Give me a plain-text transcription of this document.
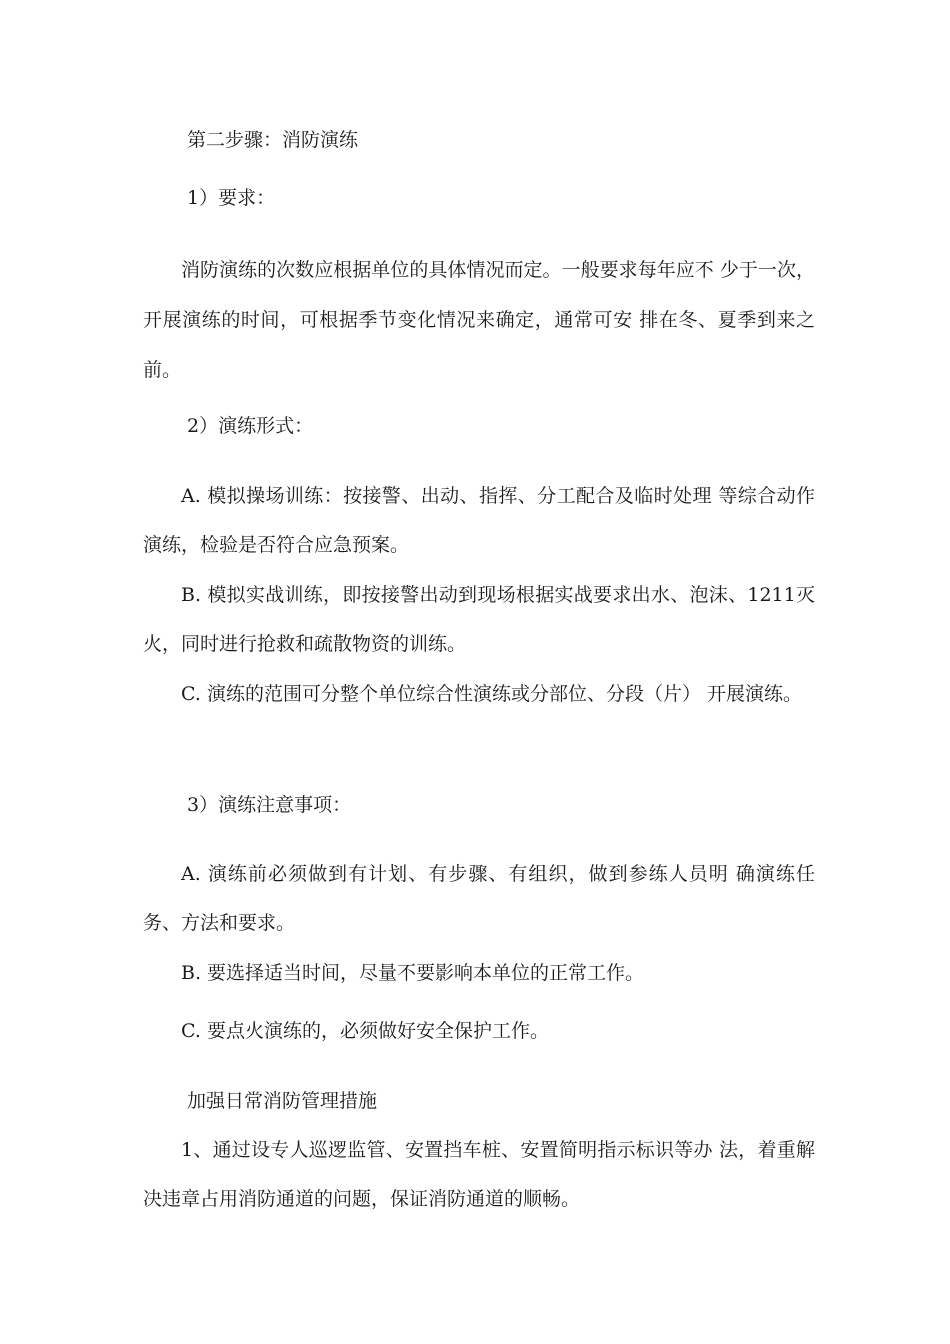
第二步骤：消防演练

1）要求：

消防演练的次数应根据单位的具体情况而定。一般要求每年应不 少于一次，开展演练的时间，可根据季节变化情况来确定，通常可安 排在冬、夏季到来之前。

2）演练形式：

A. 模拟操场训练：按接警、出动、指挥、分工配合及临时处理 等综合动作演练，检验是否符合应急预案。

B. 模拟实战训练，即按接警出动到现场根据实战要求出水、泡沫、1211灭火，同时进行抢救和疏散物资的训练。

C. 演练的范围可分整个单位综合性演练或分部位、分段（片） 开展演练。

3）演练注意事项：

A. 演练前必须做到有计划、有步骤、有组织，做到参练人员明 确演练任务、方法和要求。

B. 要选择适当时间，尽量不要影响本单位的正常工作。

C. 要点火演练的，必须做好安全保护工作。

加强日常消防管理措施

1、通过设专人巡逻监管、安置挡车桩、安置简明指示标识等办 法，着重解决违章占用消防通道的问题，保证消防通道的顺畅。
